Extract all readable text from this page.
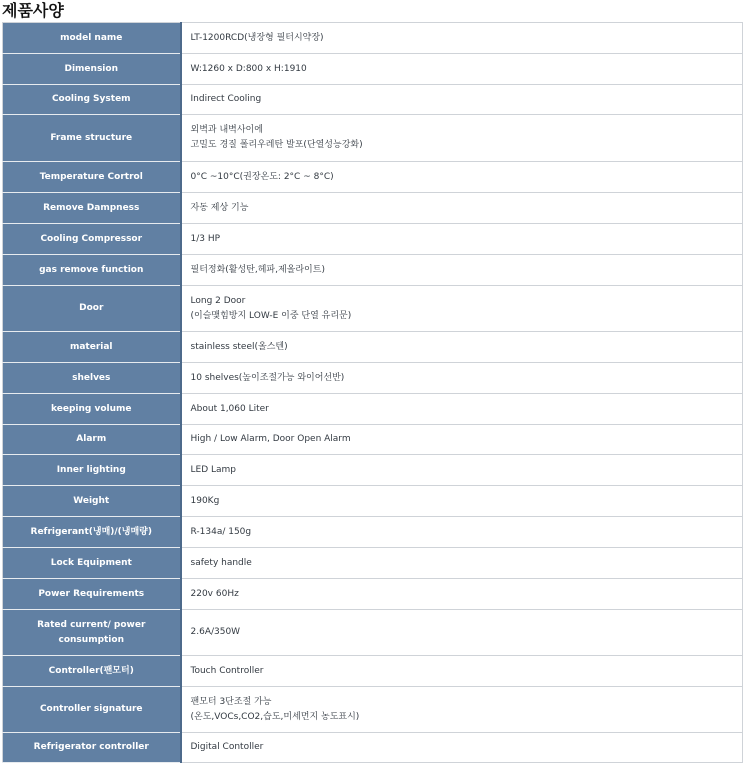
제품사양
model name	LT-1200RCD(냉장형 필터시약장)

Dimension	W:1260 x D:800 x H:1910

Cooling System	Indirect Cooling

Frame structure	외벽과 내벽사이에
고밀도 경질 폴리우레탄 발포(단열성능강화)

Temperature Cortrol	0°C ~10°C(권장온도: 2°C ~ 8°C)

Remove Dampness	자동 제상 기능

Cooling Compressor	1/3 HP

gas remove function	필터정화(활성탄,헤파,제올라이트)

Door	Long 2 Door
(이슬맺힘방지 LOW-E 이중 단열 유리문)

material	stainless steel(올스텐)

shelves	10 shelves(높이조절가능 와이어선반)

keeping volume	About 1,060 Liter

Alarm	High / Low Alarm, Door Open Alarm

Inner lighting	LED Lamp

Weight	190Kg

Refrigerant(냉매)/(냉매량)	R-134a/ 150g

Lock Equipment	safety handle

Power Requirements	220v 60Hz

Rated current/ power consumption	2.6A/350W

Controller(팬모터)	Touch Controller

Controller signature	팬모터 3단조절 가능
(온도,VOCs,CO2,습도,미세먼지 농도표시)

Refrigerator controller	Digital Contoller
